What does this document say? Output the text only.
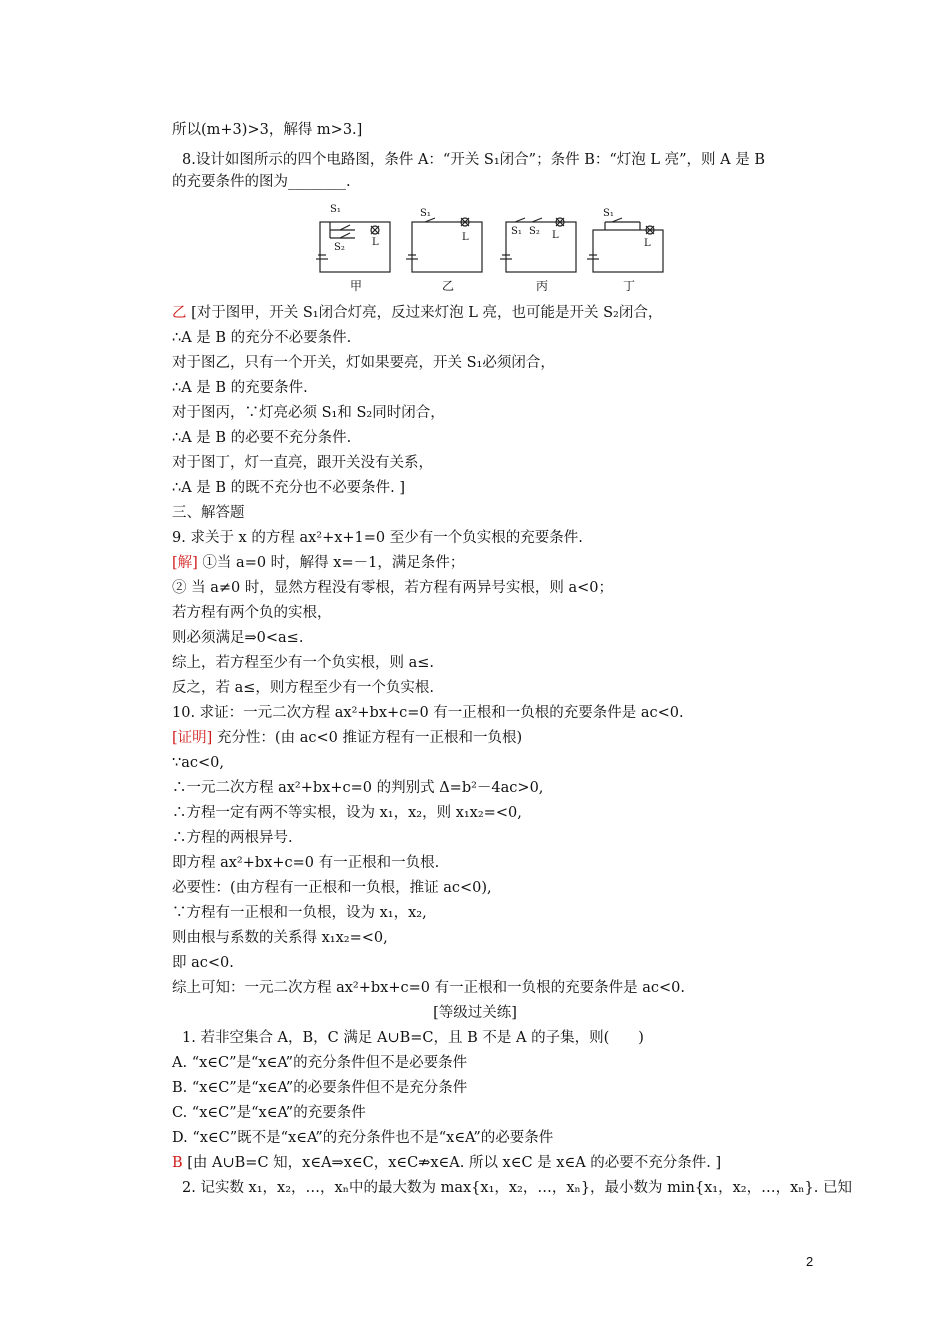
所以(m+3)>3，解得 m>3.]
8.设计如图所示的四个电路图，条件 A：“开关 S₁闭合”；条件 B：“灯泡 L 亮”，则 A 是 B
的充要条件的图为________.
S₁
S₂	L
S₁
L
S₁ S₂ L
S₁
L
甲	乙	丙	丁
乙 [对于图甲，开关 S₁闭合灯亮，反过来灯泡 L 亮，也可能是开关 S₂闭合，
∴A 是 B 的充分不必要条件.
对于图乙，只有一个开关，灯如果要亮，开关 S₁必须闭合，
∴A 是 B 的充要条件.
对于图丙，∵灯亮必须 S₁和 S₂同时闭合，
∴A 是 B 的必要不充分条件.
对于图丁，灯一直亮，跟开关没有关系，
∴A 是 B 的既不充分也不必要条件. ]
三、解答题
9. 求关于 x 的方程 ax²+x+1=0 至少有一个负实根的充要条件.
[解] ①当 a=0 时，解得 x=－1，满足条件；
② 当 a≠0 时，显然方程没有零根，若方程有两异号实根，则 a<0；
若方程有两个负的实根，
则必须满足⇒0<a≤.
综上，若方程至少有一个负实根，则 a≤.
反之，若 a≤，则方程至少有一个负实根.
10. 求证：一元二次方程 ax²+bx+c=0 有一正根和一负根的充要条件是 ac<0.
[证明] 充分性：(由 ac<0 推证方程有一正根和一负根)
∵ac<0,
∴一元二次方程 ax²+bx+c=0 的判别式 Δ=b²－4ac>0,
∴方程一定有两不等实根，设为 x₁，x₂，则 x₁x₂=<0,
∴方程的两根异号.
即方程 ax²+bx+c=0 有一正根和一负根.
必要性：(由方程有一正根和一负根，推证 ac<0),
∵方程有一正根和一负根，设为 x₁，x₂,
则由根与系数的关系得 x₁x₂=<0,
即 ac<0.
综上可知：一元二次方程 ax²+bx+c=0 有一正根和一负根的充要条件是 ac<0.
[等级过关练]
1. 若非空集合 A，B，C 满足 A∪B=C，且 B 不是 A 的子集，则(　　)
A. “x∈C”是“x∈A”的充分条件但不是必要条件
B. “x∈C”是“x∈A”的必要条件但不是充分条件
C. “x∈C”是“x∈A”的充要条件
D. “x∈C”既不是“x∈A”的充分条件也不是“x∈A”的必要条件
B [由 A∪B=C 知，x∈A⇒x∈C，x∈C⇏x∈A. 所以 x∈C 是 x∈A 的必要不充分条件. ]
2. 记实数 x₁，x₂，…，xₙ中的最大数为 max{x₁，x₂，…，xₙ}，最小数为 min{x₁，x₂，…，xₙ}. 已知
2
